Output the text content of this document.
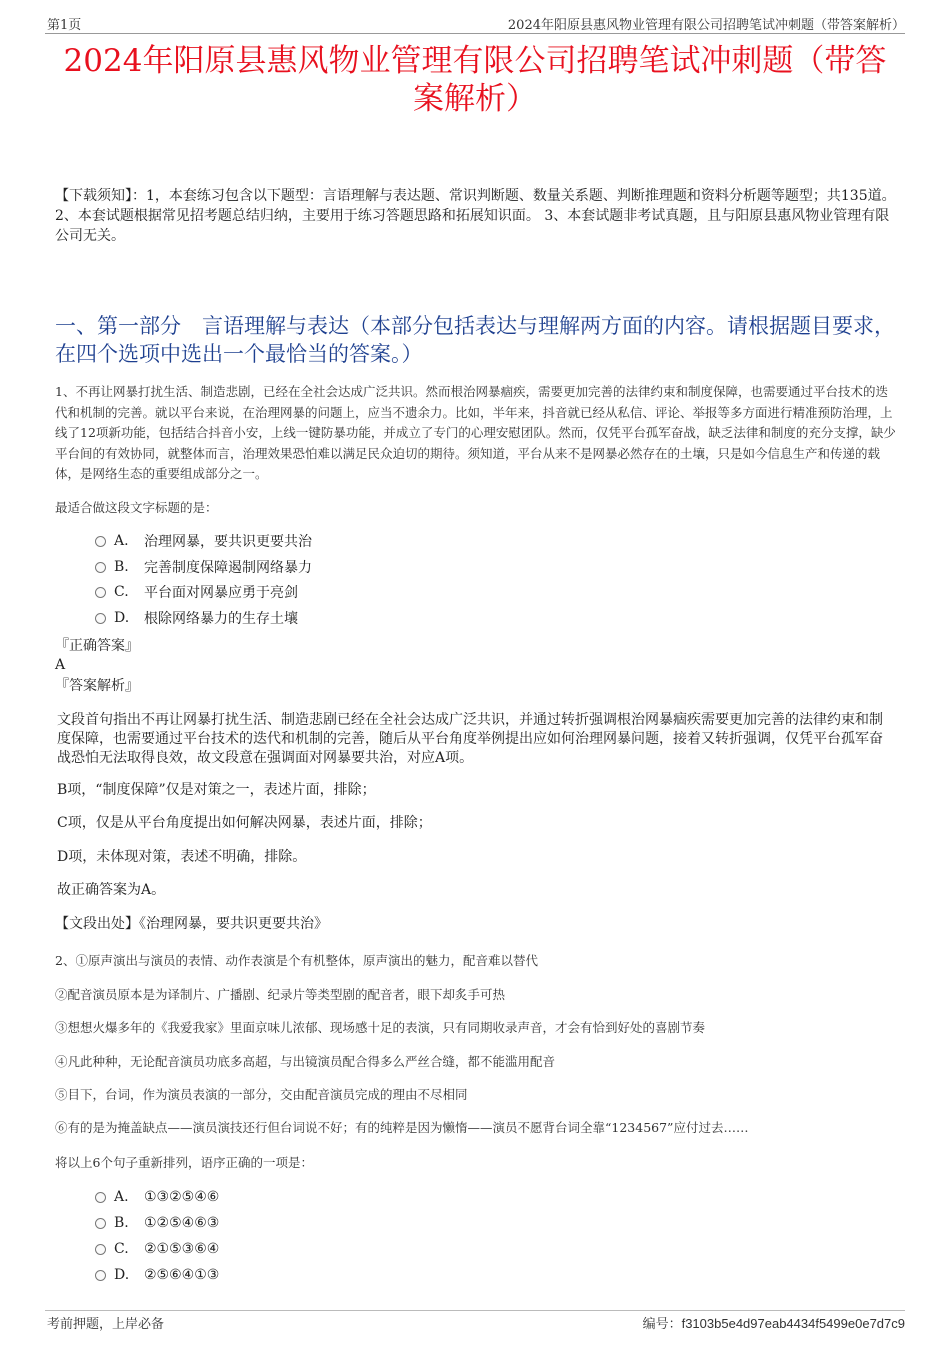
第1页	2024年阳原县惠风物业管理有限公司招聘笔试冲刺题（带答案解析）
2024年阳原县惠风物业管理有限公司招聘笔试冲刺题（带答案解析）
【下载须知】：1，本套练习包含以下题型：言语理解与表达题、常识判断题、数量关系题、判断推理题和资料分析题等题型；共135道。 2、本套试题根据常见招考题总结归纳，主要用于练习答题思路和拓展知识面。 3、本套试题非考试真题，且与阳原县惠风物业管理有限公司无关。
一、第一部分　言语理解与表达（本部分包括表达与理解两方面的内容。请根据题目要求，在四个选项中选出一个最恰当的答案。）
1、不再让网暴打扰生活、制造悲剧，已经在全社会达成广泛共识。然而根治网暴痼疾，需要更加完善的法律约束和制度保障，也需要通过平台技术的迭代和机制的完善。就以平台来说，在治理网暴的问题上，应当不遗余力。比如，半年来，抖音就已经从私信、评论、举报等多方面进行精准预防治理，上线了12项新功能，包括结合抖音小安，上线一键防暴功能，并成立了专门的心理安慰团队。然而，仅凭平台孤军奋战，缺乏法律和制度的充分支撑，缺少平台间的有效协同，就整体而言，治理效果恐怕难以满足民众迫切的期待。须知道，平台从来不是网暴必然存在的土壤，只是如今信息生产和传递的载体，是网络生态的重要组成部分之一。
最适合做这段文字标题的是：
A.	治理网暴，要共识更要共治
B.	完善制度保障遏制网络暴力
C.	平台面对网暴应勇于亮剑
D.	根除网络暴力的生存土壤
『正确答案』
A
『答案解析』
文段首句指出不再让网暴打扰生活、制造悲剧已经在全社会达成广泛共识，并通过转折强调根治网暴痼疾需要更加完善的法律约束和制度保障，也需要通过平台技术的迭代和机制的完善，随后从平台角度举例提出应如何治理网暴问题，接着又转折强调，仅凭平台孤军奋战恐怕无法取得良效，故文段意在强调面对网暴要共治，对应A项。
B项，“制度保障”仅是对策之一，表述片面，排除；
C项，仅是从平台角度提出如何解决网暴，表述片面，排除；
D项，未体现对策，表述不明确，排除。
故正确答案为A。
【文段出处】《治理网暴，要共识更要共治》
2、①原声演出与演员的表情、动作表演是个有机整体，原声演出的魅力，配音难以替代
②配音演员原本是为译制片、广播剧、纪录片等类型剧的配音者，眼下却炙手可热
③想想火爆多年的《我爱我家》里面京味儿浓郁、现场感十足的表演，只有同期收录声音，才会有恰到好处的喜剧节奏
④凡此种种，无论配音演员功底多高超，与出镜演员配合得多么严丝合缝，都不能滥用配音
⑤目下，台词，作为演员表演的一部分，交由配音演员完成的理由不尽相同
⑥有的是为掩盖缺点——演员演技还行但台词说不好；有的纯粹是因为懒惰——演员不愿背台词全靠“1234567”应付过去……
将以上6个句子重新排列，语序正确的一项是：
A.	①③②⑤④⑥
B.	①②⑤④⑥③
C.	②①⑤③⑥④
D.	②⑤⑥④①③
考前押题，上岸必备	编号：f3103b5e4d97eab4434f5499e0e7d7c9
